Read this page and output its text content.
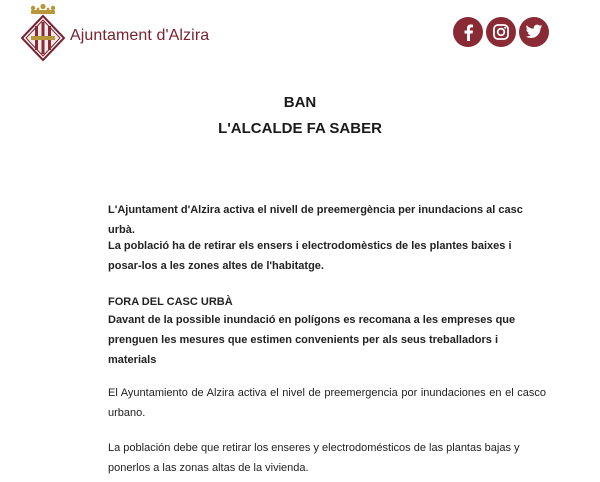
Ajuntament d'Alzira
BAN
L'ALCALDE FA SABER
L'Ajuntament d'Alzira activa el nivell de preemergència per inundacions al casc urbà.
La població ha de retirar els ensers i electrodomèstics de les plantes baixes i posar-los a les zones altes de l'habitatge.
FORA DEL CASC URBÀ
Davant de la possible inundació en polígons es recomana a les empreses que prenguen les mesures que estimen convenients per als seus treballadors i materials
El Ayuntamiento de Alzira activa el nivel de preemergencia por inundaciones en el casco urbano.
La población debe que retirar los enseres y electrodomésticos de las plantas bajas y ponerlos a las zonas altas de la vivienda.
